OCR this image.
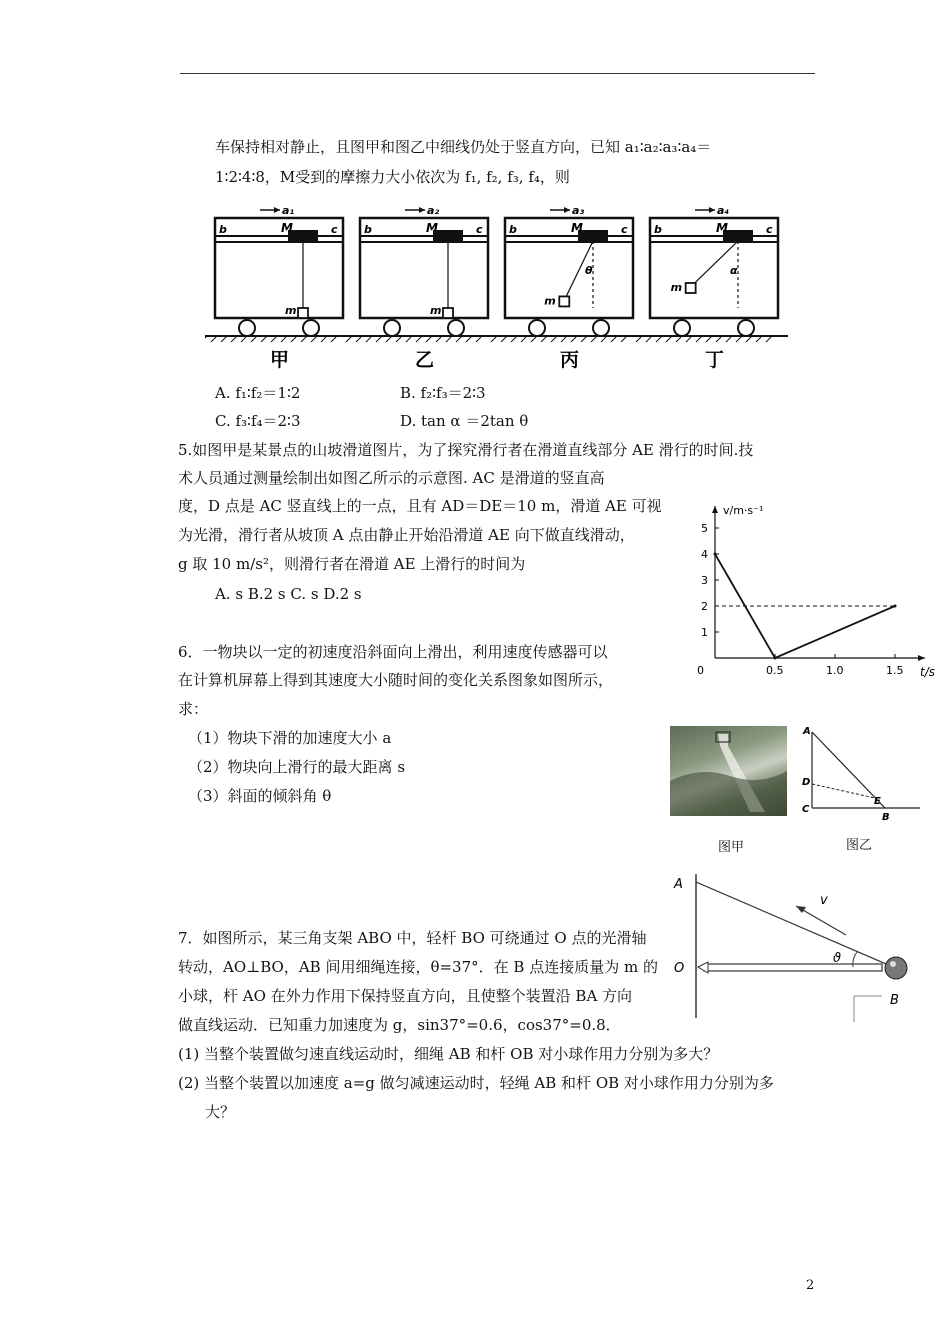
车保持相对静止，且图甲和图乙中细线仍处于竖直方向，已知 a₁∶a₂∶a₃∶a₄＝
1∶2∶4∶8，M受到的摩擦力大小依次为 f₁, f₂, f₃, f₄，则
a₁
b	c
M
m
甲
a₂
b	c
M
m
乙
a₃
b	c
M
θ
m
丙
a₄
b	c
M
α
m
丁
A. f₁∶f₂＝1∶2	B. f₂∶f₃＝2∶3
C. f₃∶f₄＝2∶3	D. tan α ＝2tan θ
5.如图甲是某景点的山坡滑道图片，为了探究滑行者在滑道直线部分 AE 滑行的时间.技
术人员通过测量绘制出如图乙所示的示意图. AC 是滑道的竖直高
度，D 点是 AC 竖直线上的一点，且有 AD＝DE＝10 m，滑道 AE 可视
为光滑，滑行者从坡顶 A 点由静止开始沿滑道 AE 向下做直线滑动，
g 取 10 m/s²，则滑行者在滑道 AE 上滑行的时间为
A. s B.2 s C. s D.2 s
6．一物块以一定的初速度沿斜面向上滑出，利用速度传感器可以
在计算机屏幕上得到其速度大小随时间的变化关系图象如图所示，
求：
（1）物块下滑的加速度大小 a
（2）物块向上滑行的最大距离 s
（3）斜面的倾斜角 θ
1
2
3
4
5
0	0.5	1.0	1.5
v/m·s⁻¹
t/s
图甲
A
D
C
E
B
图乙
A
O
B
v
ϑ
7．如图所示，某三角支架 ABO 中，轻杆 BO 可绕通过 O 点的光滑轴
转动，AO⊥BO，AB 间用细绳连接，θ=37°．在 B 点连接质量为 m 的
小球，杆 AO 在外力作用下保持竖直方向，且使整个装置沿 BA 方向
做直线运动．已知重力加速度为 g，sin37°=0.6，cos37°=0.8．
(1) 当整个装置做匀速直线运动时，细绳 AB 和杆 OB 对小球作用力分别为多大？
(2) 当整个装置以加速度 a=g 做匀减速运动时，轻绳 AB 和杆 OB 对小球作用力分别为多
大？
2
